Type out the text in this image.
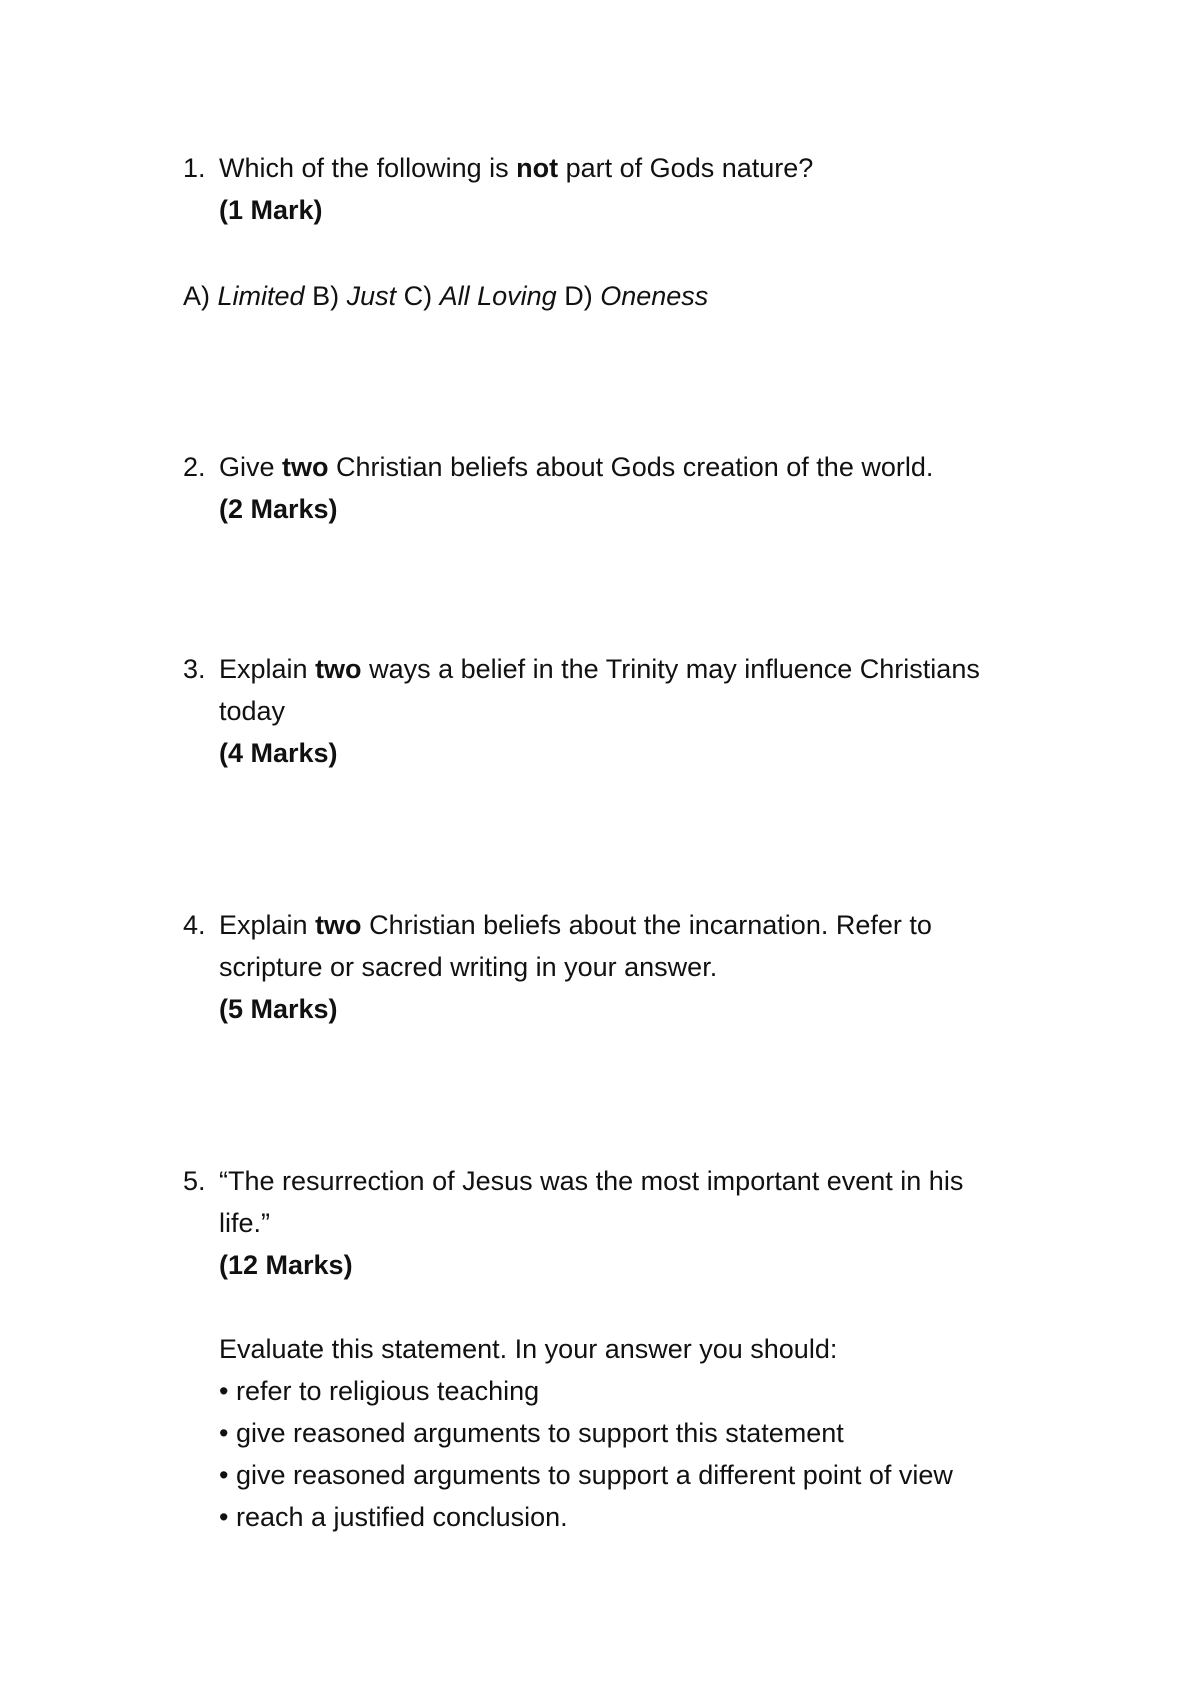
1. Which of the following is not part of Gods nature?
(1 Mark)
A) Limited B) Just C) All Loving D) Oneness
2. Give two Christian beliefs about Gods creation of the world.
(2 Marks)
3. Explain two ways a belief in the Trinity may influence Christians
today
(4 Marks)
4. Explain two Christian beliefs about the incarnation. Refer to
scripture or sacred writing in your answer.
(5 Marks)
5. “The resurrection of Jesus was the most important event in his
life.”
(12 Marks)
Evaluate this statement. In your answer you should:
• refer to religious teaching
• give reasoned arguments to support this statement
• give reasoned arguments to support a different point of view
• reach a justified conclusion.
